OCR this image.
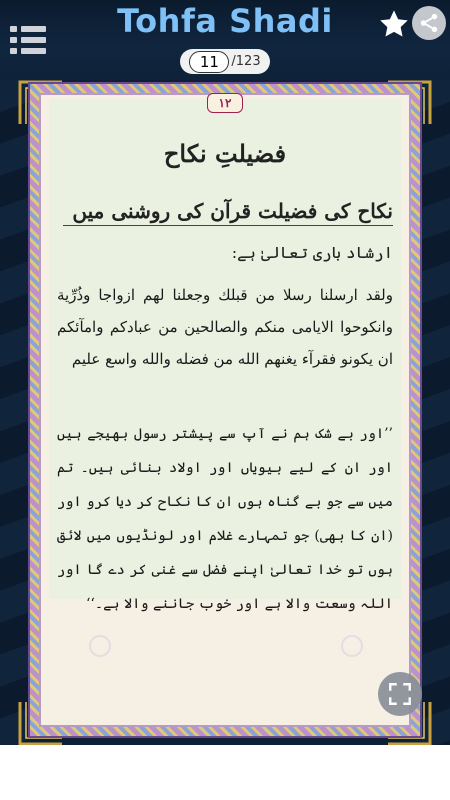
Tohfa Shadi
11 /123
١٢
فضیلتِ نکاح
نکاح کی فضیلت قرآن کی روشنی میں
ارشاد باری تعالیٰ ہے:
ولقد ارسلنا رسلا من قبلك وجعلنا لهم ازواجا وذُرِّية وانكوحوا الايامى منكم والصالحين من عبادكم وامآئكم ان يكونو فقرآء يغنهم الله من فضله والله واسع عليم
’’اور بے شک ہم نے آپ سے پیشتر رسول بھیجے ہیں اور ان کے لیے بیویاں اور اولاد بنائی ہیں۔ تم میں سے جو بے گناہ ہوں ان کا نکاح کر دیا کرو اور (ان کا بھی) جو تمہارے غلام اور لونڈیوں میں لائق ہوں تو خدا تعالیٰ اپنے فضل سے غنی کر دے گا اور اللہ وسعت والا ہے اور خوب جاننے والا ہے۔‘‘
